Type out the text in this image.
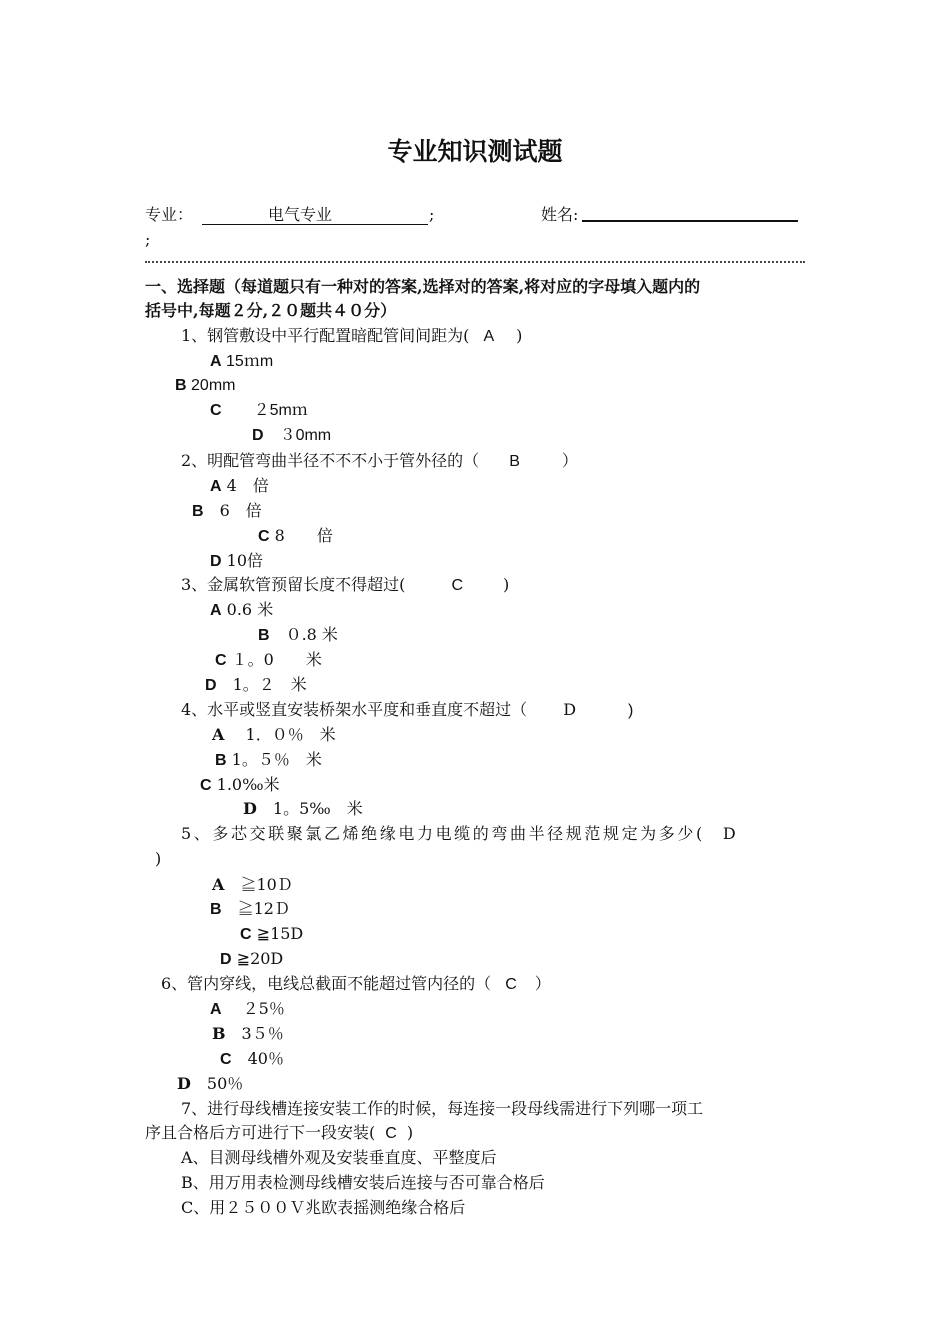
专业知识测试题
专业：	电气专业	;	姓名:
;
一、选择题（每道题只有一种对的答案,选择对的答案,将对应的字母填入题内的
括号中,每题２分,２０题共４０分）
1、钢管敷设中平行配置暗配管间间距为( A )
A 15ｍm
B 20mm
C　　 ２5mｍ
D　 ３0mm
2、明配管弯曲半径不不不小于管外径的（ B	）
A 4　倍
B　 6　倍
C 8　　倍
D 10倍
3、金属软管预留长度不得超过(	C	)
A 0.6 米
B　 ０.8 米
C １。0　　米
D　 1。２　米
4、水平或竖直安装桥架水平度和垂直度不超过（ D	)
A　 1．０％　米
B 1。５％　米
C 1.0‰米
D　 1。5‰　米
5、多芯交联聚氯乙烯绝缘电力电缆的弯曲半径规范规定为多少( D
)
A　 ≧10Ｄ
B　 ≧12Ｄ
C ≧15D
D ≧20D
6、管内穿线，电线总截面不能超过管内径的（ C ）
A　 ２5％
B　 3５％
C　 40％
D　 50％
7、进行母线槽连接安装工作的时候，每连接一段母线需进行下列哪一项工
序且合格后方可进行下一段安装( C )
A、目测母线槽外观及安装垂直度、平整度后
B、用万用表检测母线槽安装后连接与否可靠合格后
C、用２５００Ｖ兆欧表摇测绝缘合格后
